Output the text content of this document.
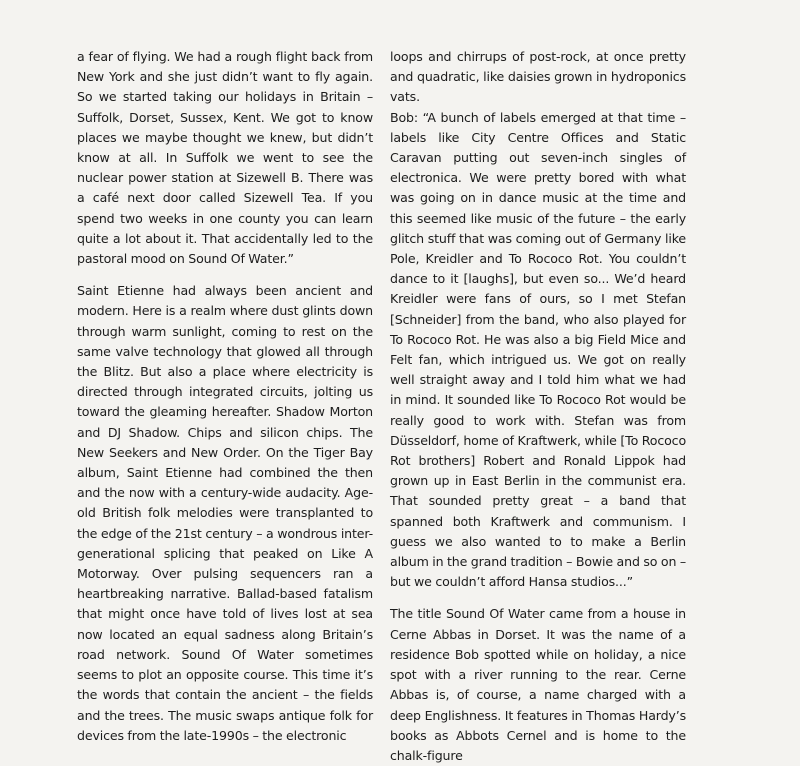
a fear of flying. We had a rough flight back from New York and she just didn’t want to fly again. So we started taking our holidays in Britain – Suffolk, Dorset, Sussex, Kent. We got to know places we maybe thought we knew, but didn’t know at all. In Suffolk we went to see the nuclear power station at Sizewell B. There was a café next door called Sizewell Tea. If you spend two weeks in one county you can learn quite a lot about it. That accidentally led to the pastoral mood on Sound Of Water.”

Saint Etienne had always been ancient and modern. Here is a realm where dust glints down through warm sunlight, coming to rest on the same valve technology that glowed all through the Blitz. But also a place where electricity is directed through integrated circuits, jolting us toward the gleaming hereafter. Shadow Morton and DJ Shadow. Chips and silicon chips. The New Seekers and New Order. On the Tiger Bay album, Saint Etienne had combined the then and the now with a century-wide audacity. Age-old British folk melodies were transplanted to the edge of the 21st century – a wondrous inter-generational splicing that peaked on Like A Motorway. Over pulsing sequencers ran a heartbreaking narrative. Ballad-based fatalism that might once have told of lives lost at sea now located an equal sadness along Britain’s road network. Sound Of Water sometimes seems to plot an opposite course. This time it’s the words that contain the ancient – the fields and the trees. The music swaps antique folk for devices from the late-1990s – the electronic

loops and chirrups of post-rock, at once pretty and quadratic, like daisies grown in hydroponics vats.

Bob: “A bunch of labels emerged at that time – labels like City Centre Offices and Static Caravan putting out seven-inch singles of electronica. We were pretty bored with what was going on in dance music at the time and this seemed like music of the future – the early glitch stuff that was coming out of Germany like Pole, Kreidler and To Rococo Rot. You couldn’t dance to it [laughs], but even so... We’d heard Kreidler were fans of ours, so I met Stefan [Schneider] from the band, who also played for To Rococo Rot. He was also a big Field Mice and Felt fan, which intrigued us. We got on really well straight away and I told him what we had in mind. It sounded like To Rococo Rot would be really good to work with. Stefan was from Düsseldorf, home of Kraftwerk, while [To Rococo Rot brothers] Robert and Ronald Lippok had grown up in East Berlin in the communist era. That sounded pretty great – a band that spanned both Kraftwerk and communism. I guess we also wanted to to make a Berlin album in the grand tradition – Bowie and so on – but we couldn’t afford Hansa studios...”

The title Sound Of Water came from a house in Cerne Abbas in Dorset. It was the name of a residence Bob spotted while on holiday, a nice spot with a river running to the rear. Cerne Abbas is, of course, a name charged with a deep Englishness. It features in Thomas Hardy’s books as Abbots Cernel and is home to the chalk-figure
